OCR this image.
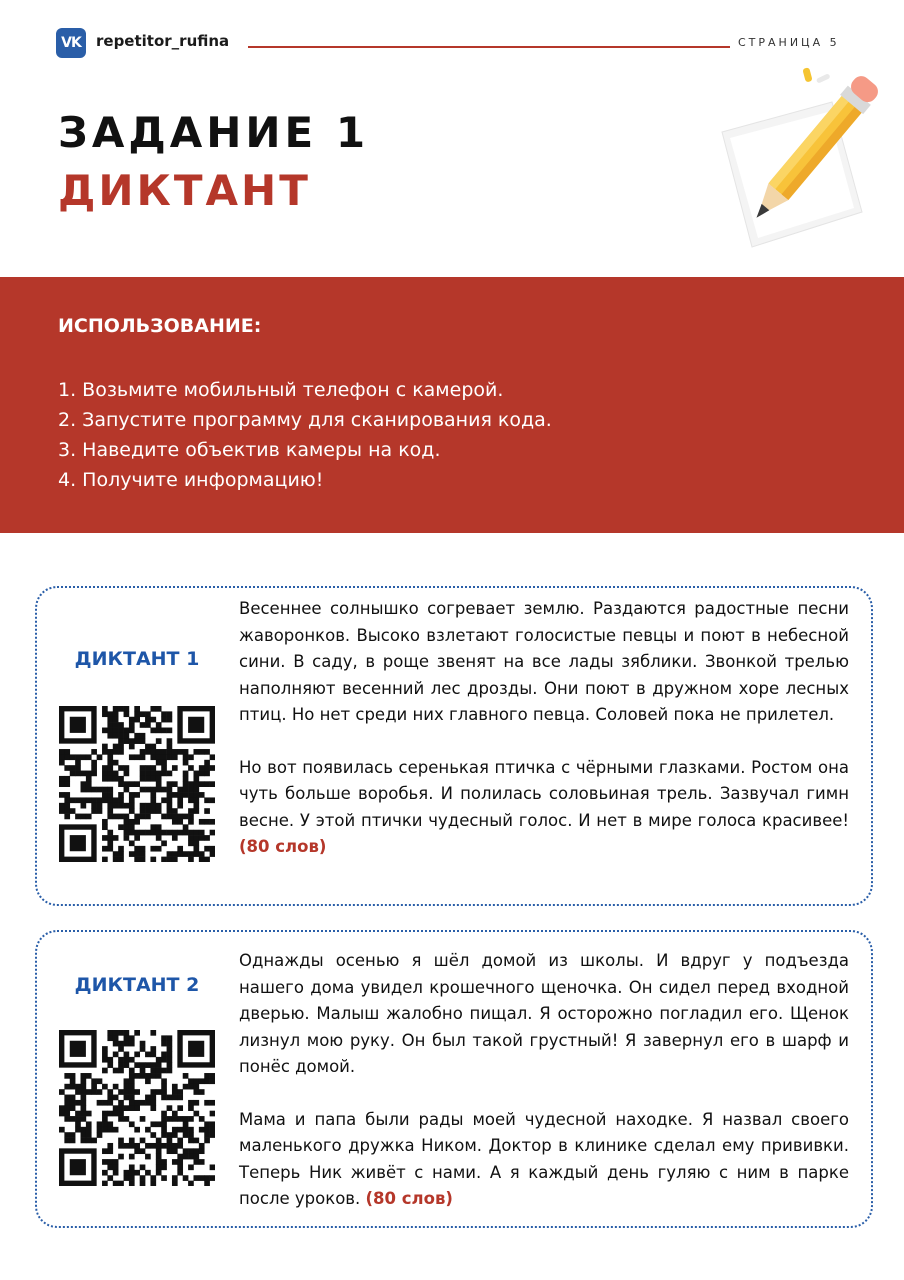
VK	repetitor_rufina	СТРАНИЦА 5
ЗАДАНИЕ 1
ДИКТАНТ
ИСПОЛЬЗОВАНИЕ:
1. Возьмите мобильный телефон с камерой.
2. Запустите программу для сканирования кода.
3. Наведите объектив камеры на код.
4. Получите информацию!
ДИКТАНТ 1

Весеннее солнышко согревает землю. Раздаются радостные песни жаворонков. Высоко взлетают голосистые певцы и поют в небесной сини. В саду, в роще звенят на все лады зяблики. Звонкой трелью наполняют весенний лес дрозды. Они поют в дружном хоре лесных птиц. Но нет среди них главного певца. Соловей пока не прилетел.

Но вот появилась серенькая птичка с чёрными глазками. Ростом она чуть больше воробья. И полилась соловьиная трель. Зазвучал гимн весне. У этой птички чудесный голос. И нет в мире голоса красивее! (80 слов)

ДИКТАНТ 2

Однажды осенью я шёл домой из школы. И вдруг у подъезда нашего дома увидел крошечного щеночка. Он сидел перед входной дверью. Малыш жалобно пищал. Я осторожно погладил его. Щенок лизнул мою руку. Он был такой грустный! Я завернул его в шарф и понёс домой.

Мама и папа были рады моей чудесной находке. Я назвал своего маленького дружка Ником. Доктор в клинике сделал ему прививки. Теперь Ник живёт с нами. А я каждый день гуляю с ним в парке после уроков. (80 слов)
